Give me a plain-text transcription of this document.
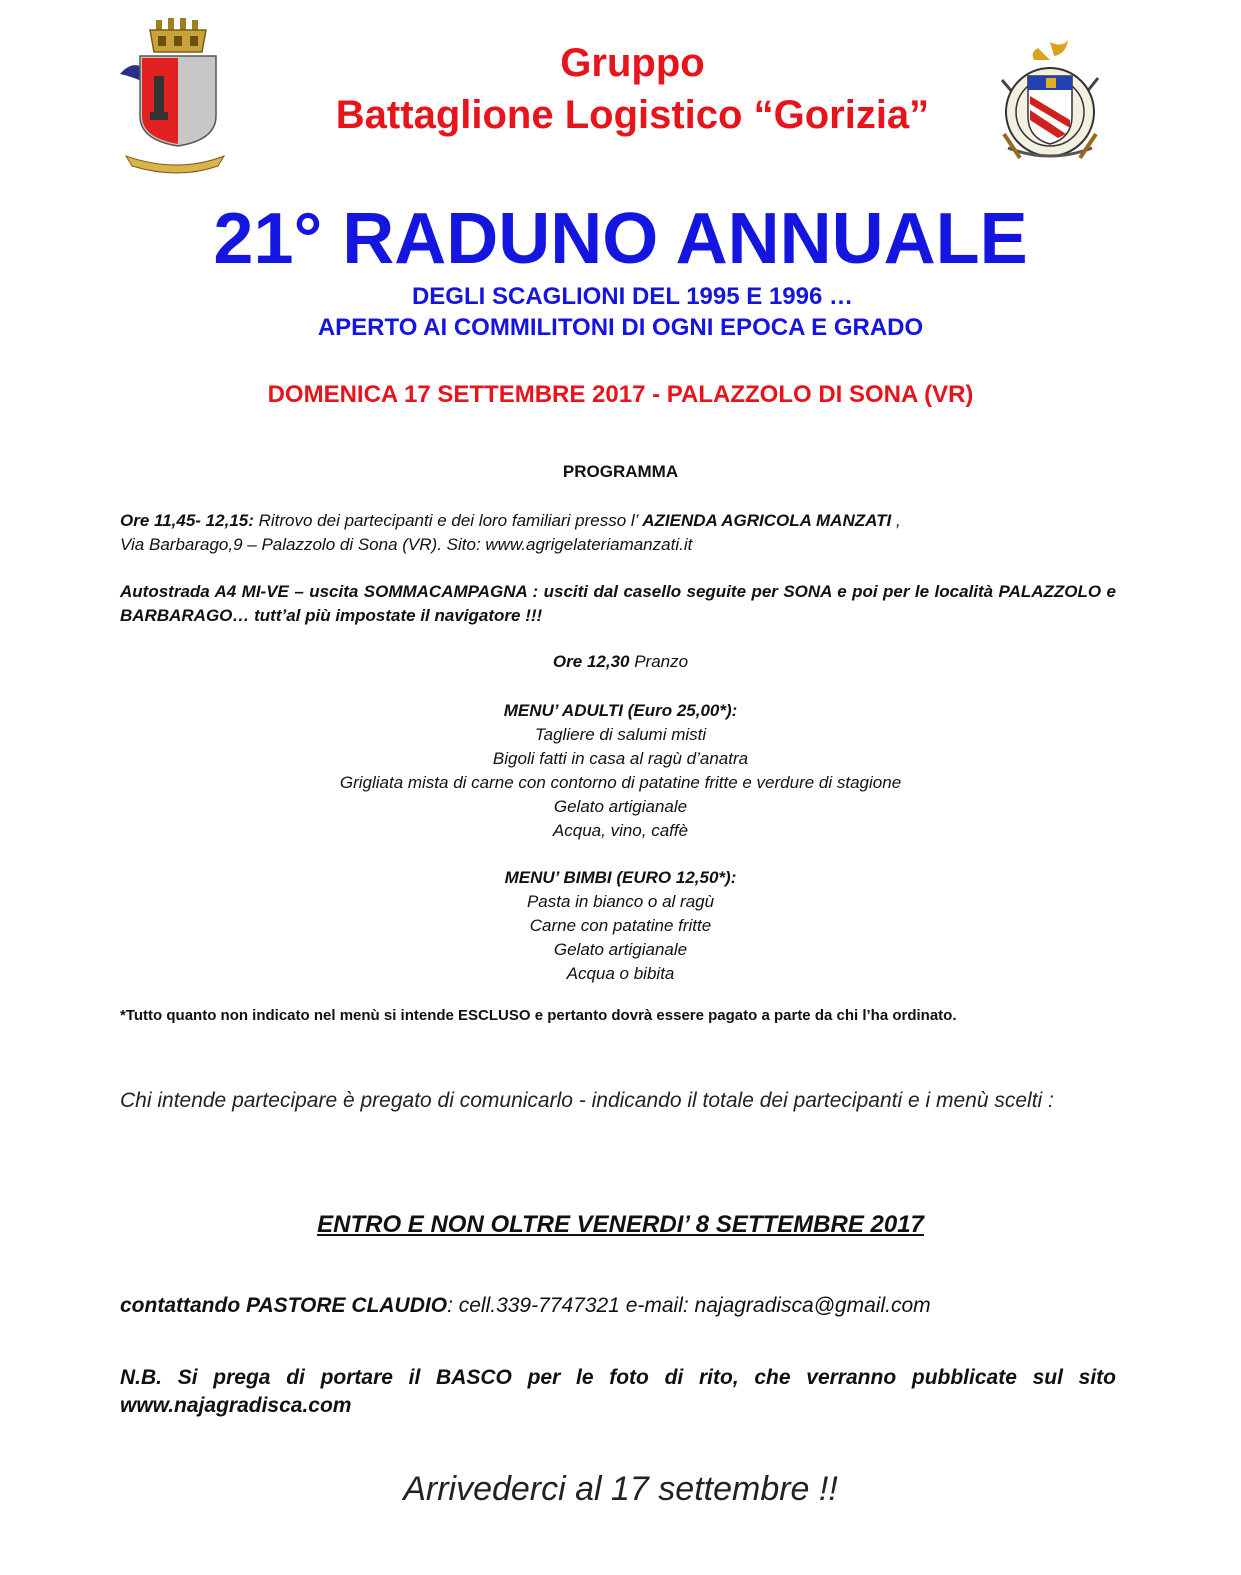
Gruppo
Battaglione Logistico “Gorizia”
21° RADUNO ANNUALE
DEGLI SCAGLIONI DEL 1995 E 1996 …
APERTO AI COMMILITONI DI OGNI EPOCA E GRADO
DOMENICA 17 SETTEMBRE 2017 - PALAZZOLO DI SONA (VR)
PROGRAMMA
Ore 11,45- 12,15: Ritrovo dei partecipanti e dei loro familiari presso l’ AZIENDA AGRICOLA MANZATI ,
Via Barbarago,9 – Palazzolo di Sona (VR). Sito: www.agrigelateriamanzati.it
Autostrada A4 MI-VE – uscita SOMMACAMPAGNA : usciti dal casello seguite per SONA e poi per le località PALAZZOLO e BARBARAGO… tutt’al più impostate il navigatore !!!
Ore 12,30 Pranzo
MENU’ ADULTI (Euro 25,00*):
Tagliere di salumi misti
Bigoli fatti in casa al ragù d’anatra
Grigliata mista di carne con contorno di patatine fritte e verdure di stagione
Gelato artigianale
Acqua, vino, caffè
MENU’ BIMBI (EURO 12,50*):
Pasta in bianco o al ragù
Carne con patatine fritte
Gelato artigianale
Acqua o bibita
*Tutto quanto non indicato nel menù si intende ESCLUSO e pertanto dovrà essere pagato a parte da chi l’ha ordinato.
Chi intende partecipare è pregato di comunicarlo - indicando il totale dei partecipanti e i menù scelti :
ENTRO E NON OLTRE VENERDI’ 8 SETTEMBRE 2017
contattando PASTORE CLAUDIO: cell.339-7747321 e-mail: najagradisca@gmail.com
N.B. Si prega di portare il BASCO per le foto di rito, che verranno pubblicate sul sito www.najagradisca.com
Arrivederci al 17 settembre !!
